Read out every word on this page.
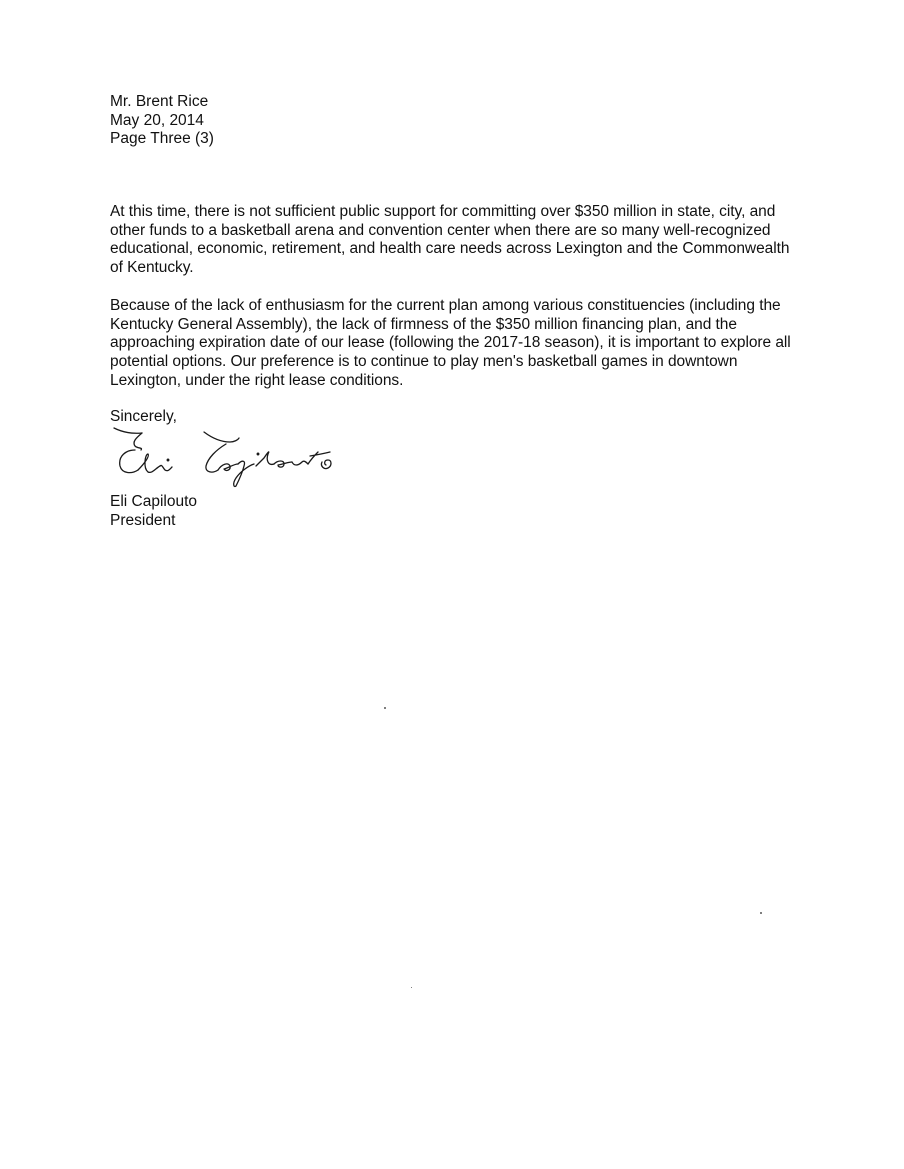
Mr. Brent Rice
May 20, 2014
Page Three (3)

At this time, there is not sufficient public support for committing over $350 million in state, city, and other funds to a basketball arena and convention center when there are so many well-recognized educational, economic, retirement, and health care needs across Lexington and the Commonwealth of Kentucky.

Because of the lack of enthusiasm for the current plan among various constituencies (including the Kentucky General Assembly), the lack of firmness of the $350 million financing plan, and the approaching expiration date of our lease (following the 2017-18 season), it is important to explore all potential options. Our preference is to continue to play men's basketball games in downtown Lexington, under the right lease conditions.

Sincerely,
Eli Capilouto
President
